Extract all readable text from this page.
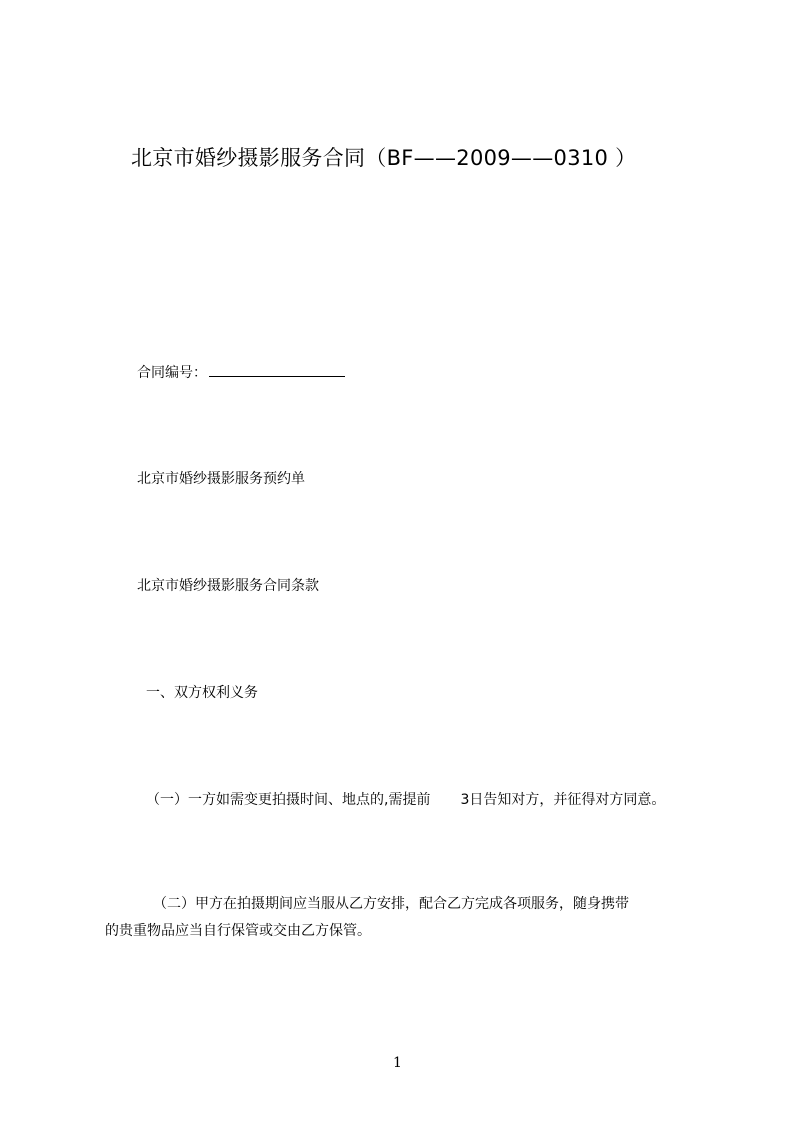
北京市婚纱摄影服务合同（BF——2009——0310 ）
合同编号：
北京市婚纱摄影服务预约单
北京市婚纱摄影服务合同条款
一、双方权利义务
（一）一方如需变更拍摄时间、地点的,需提前 3日告知对方，并征得对方同意。
（二）甲方在拍摄期间应当服从乙方安排，配合乙方完成各项服务，随身携带
的贵重物品应当自行保管或交由乙方保管。
1
